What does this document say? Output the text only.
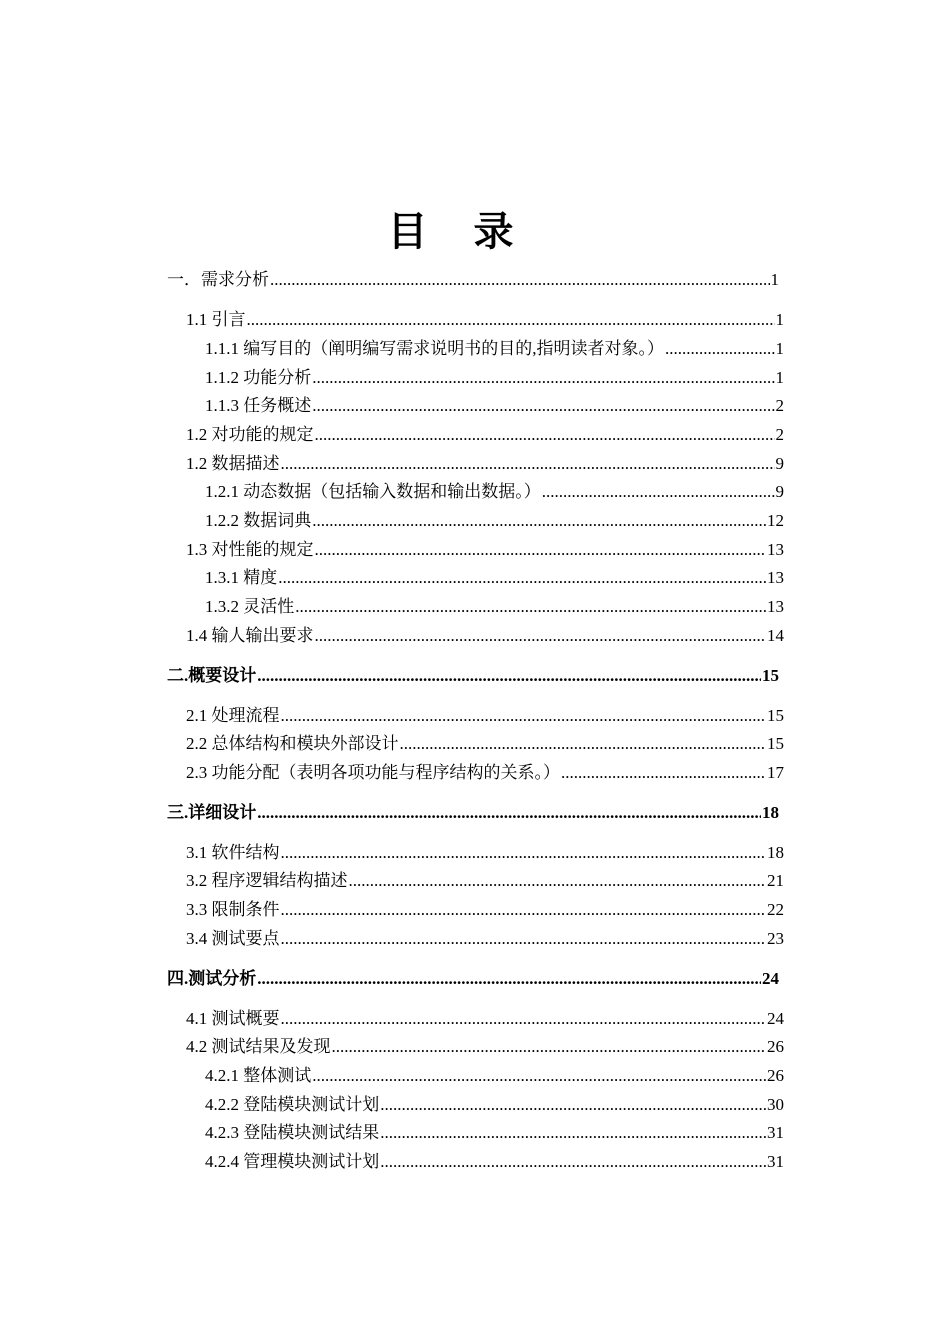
目 录
一．需求分析 .....	1
1.1 引言 .....	1
1.1.1 编写目的（阐明编写需求说明书的目的,指明读者对象。） .....	1
1.1.2 功能分析 .....	1
1.1.3 任务概述 .....	2
1.2 对功能的规定 .....	2
1.2 数据描述 .....	9
1.2.1 动态数据（包括输入数据和输出数据。） .....	9
1.2.2 数据词典 .....	12
1.3 对性能的规定 .....	13
1.3.1 精度 .....	13
1.3.2 灵活性 .....	13
1.4 输人输出要求 .....	14
二.概要设计 .....	15
2.1 处理流程 .....	15
2.2 总体结构和模块外部设计 .....	15
2.3 功能分配（表明各项功能与程序结构的关系。） .....	17
三.详细设计 .....	18
3.1 软件结构 .....	18
3.2 程序逻辑结构描述 .....	21
3.3 限制条件 .....	22
3.4 测试要点 .....	23
四.测试分析 .....	24
4.1 测试概要 .....	24
4.2 测试结果及发现 .....	26
4.2.1 整体测试 .....	26
4.2.2 登陆模块测试计划 .....	30
4.2.3 登陆模块测试结果 .....	31
4.2.4 管理模块测试计划 .....	31
